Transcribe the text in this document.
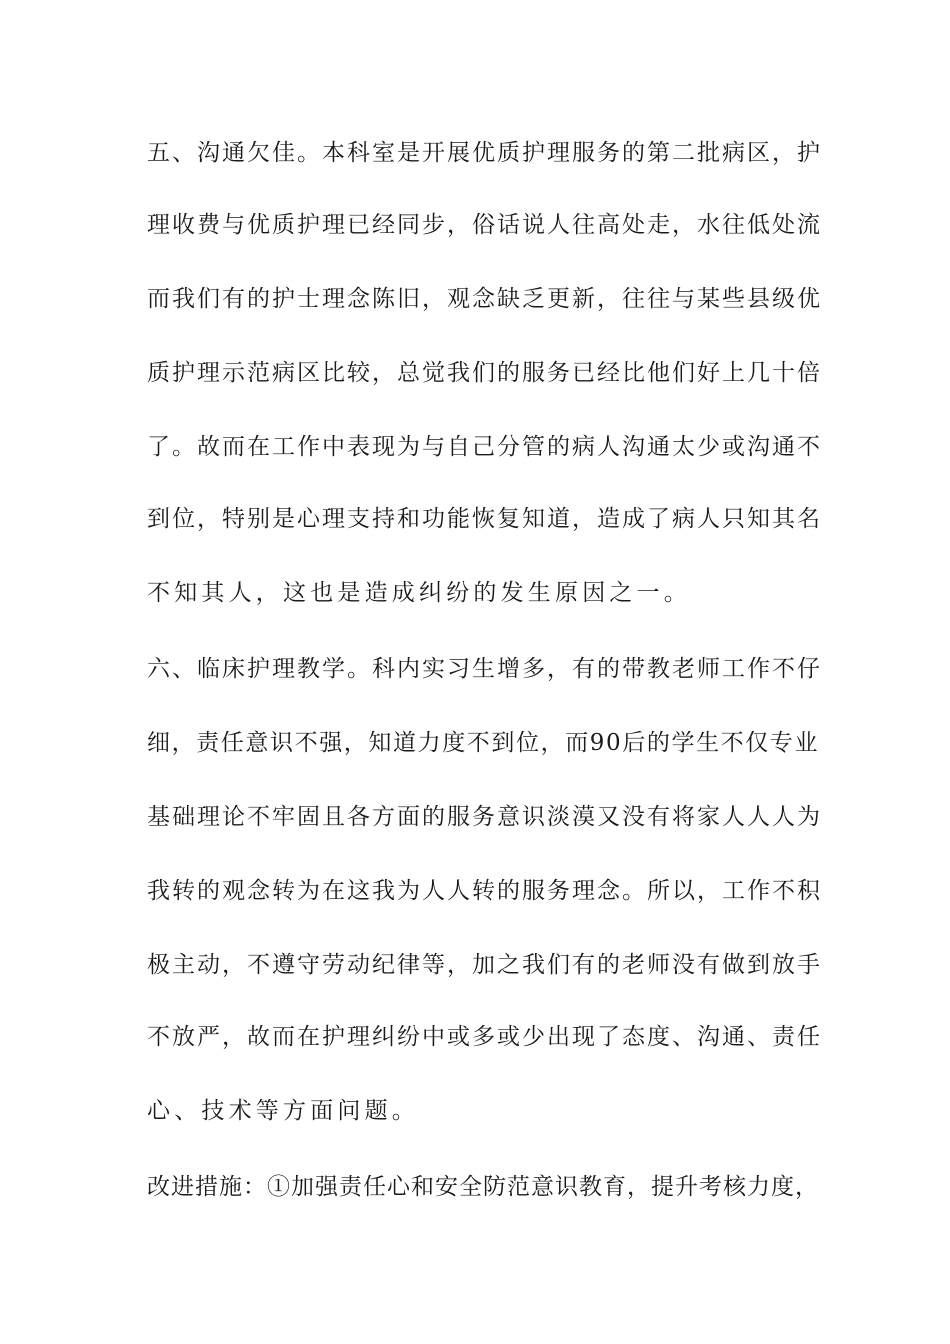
五、沟通欠佳。本科室是开展优质护理服务的第二批病区，护
理收费与优质护理已经同步，俗话说人往高处走，水往低处流
而我们有的护士理念陈旧，观念缺乏更新，往往与某些县级优
质护理示范病区比较，总觉我们的服务已经比他们好上几十倍
了。故而在工作中表现为与自己分管的病人沟通太少或沟通不
到位，特别是心理支持和功能恢复知道，造成了病人只知其名
不知其人，这也是造成纠纷的发生原因之一。
六、临床护理教学。科内实习生增多，有的带教老师工作不仔
细，责任意识不强，知道力度不到位，而90后的学生不仅专业
基础理论不牢固且各方面的服务意识淡漠又没有将家人人人为
我转的观念转为在这我为人人转的服务理念。所以，工作不积
极主动，不遵守劳动纪律等，加之我们有的老师没有做到放手
不放严，故而在护理纠纷中或多或少出现了态度、沟通、责任
心、技术等方面问题。
改进措施：①加强责任心和安全防范意识教育，提升考核力度，
